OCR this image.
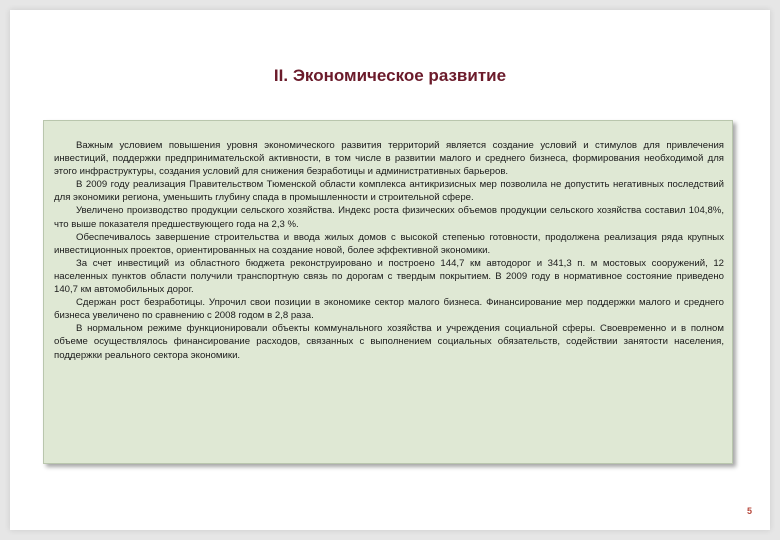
II. Экономическое развитие

Важным условием повышения уровня экономического развития территорий является создание условий и стимулов для привлечения инвестиций, поддержки предпринимательской активности, в том числе в развитии малого и среднего бизнеса, формирования необходимой для этого инфраструктуры, создания условий для снижения безработицы и административных барьеров.

В 2009 году реализация Правительством Тюменской области комплекса антикризисных мер позволила не допустить негативных последствий для экономики региона, уменьшить глубину спада в промышленности и строительной сфере.

Увеличено производство продукции сельского хозяйства. Индекс роста физических объемов продукции сельского хозяйства составил 104,8%, что выше показателя предшествующего года на 2,3 %.

Обеспечивалось завершение строительства и ввода жилых домов с высокой степенью готовности, продолжена реализация ряда крупных инвестиционных проектов, ориентированных на создание новой, более эффективной экономики.

За счет инвестиций из областного бюджета реконструировано и построено 144,7 км автодорог и 341,3 п. м мостовых сооружений, 12 населенных пунктов области получили транспортную связь по дорогам с твердым покрытием. В 2009 году в нормативное состояние приведено 140,7 км автомобильных дорог.

Сдержан рост безработицы. Упрочил свои позиции в экономике сектор малого бизнеса. Финансирование мер поддержки малого и среднего бизнеса увеличено по сравнению с 2008 годом в 2,8 раза.

В нормальном режиме функционировали объекты коммунального хозяйства и учреждения социальной сферы. Своевременно и в полном объеме осуществлялось финансирование расходов, связанных с выполнением социальных обязательств, содействии занятости населения, поддержки реального сектора экономики.

5
